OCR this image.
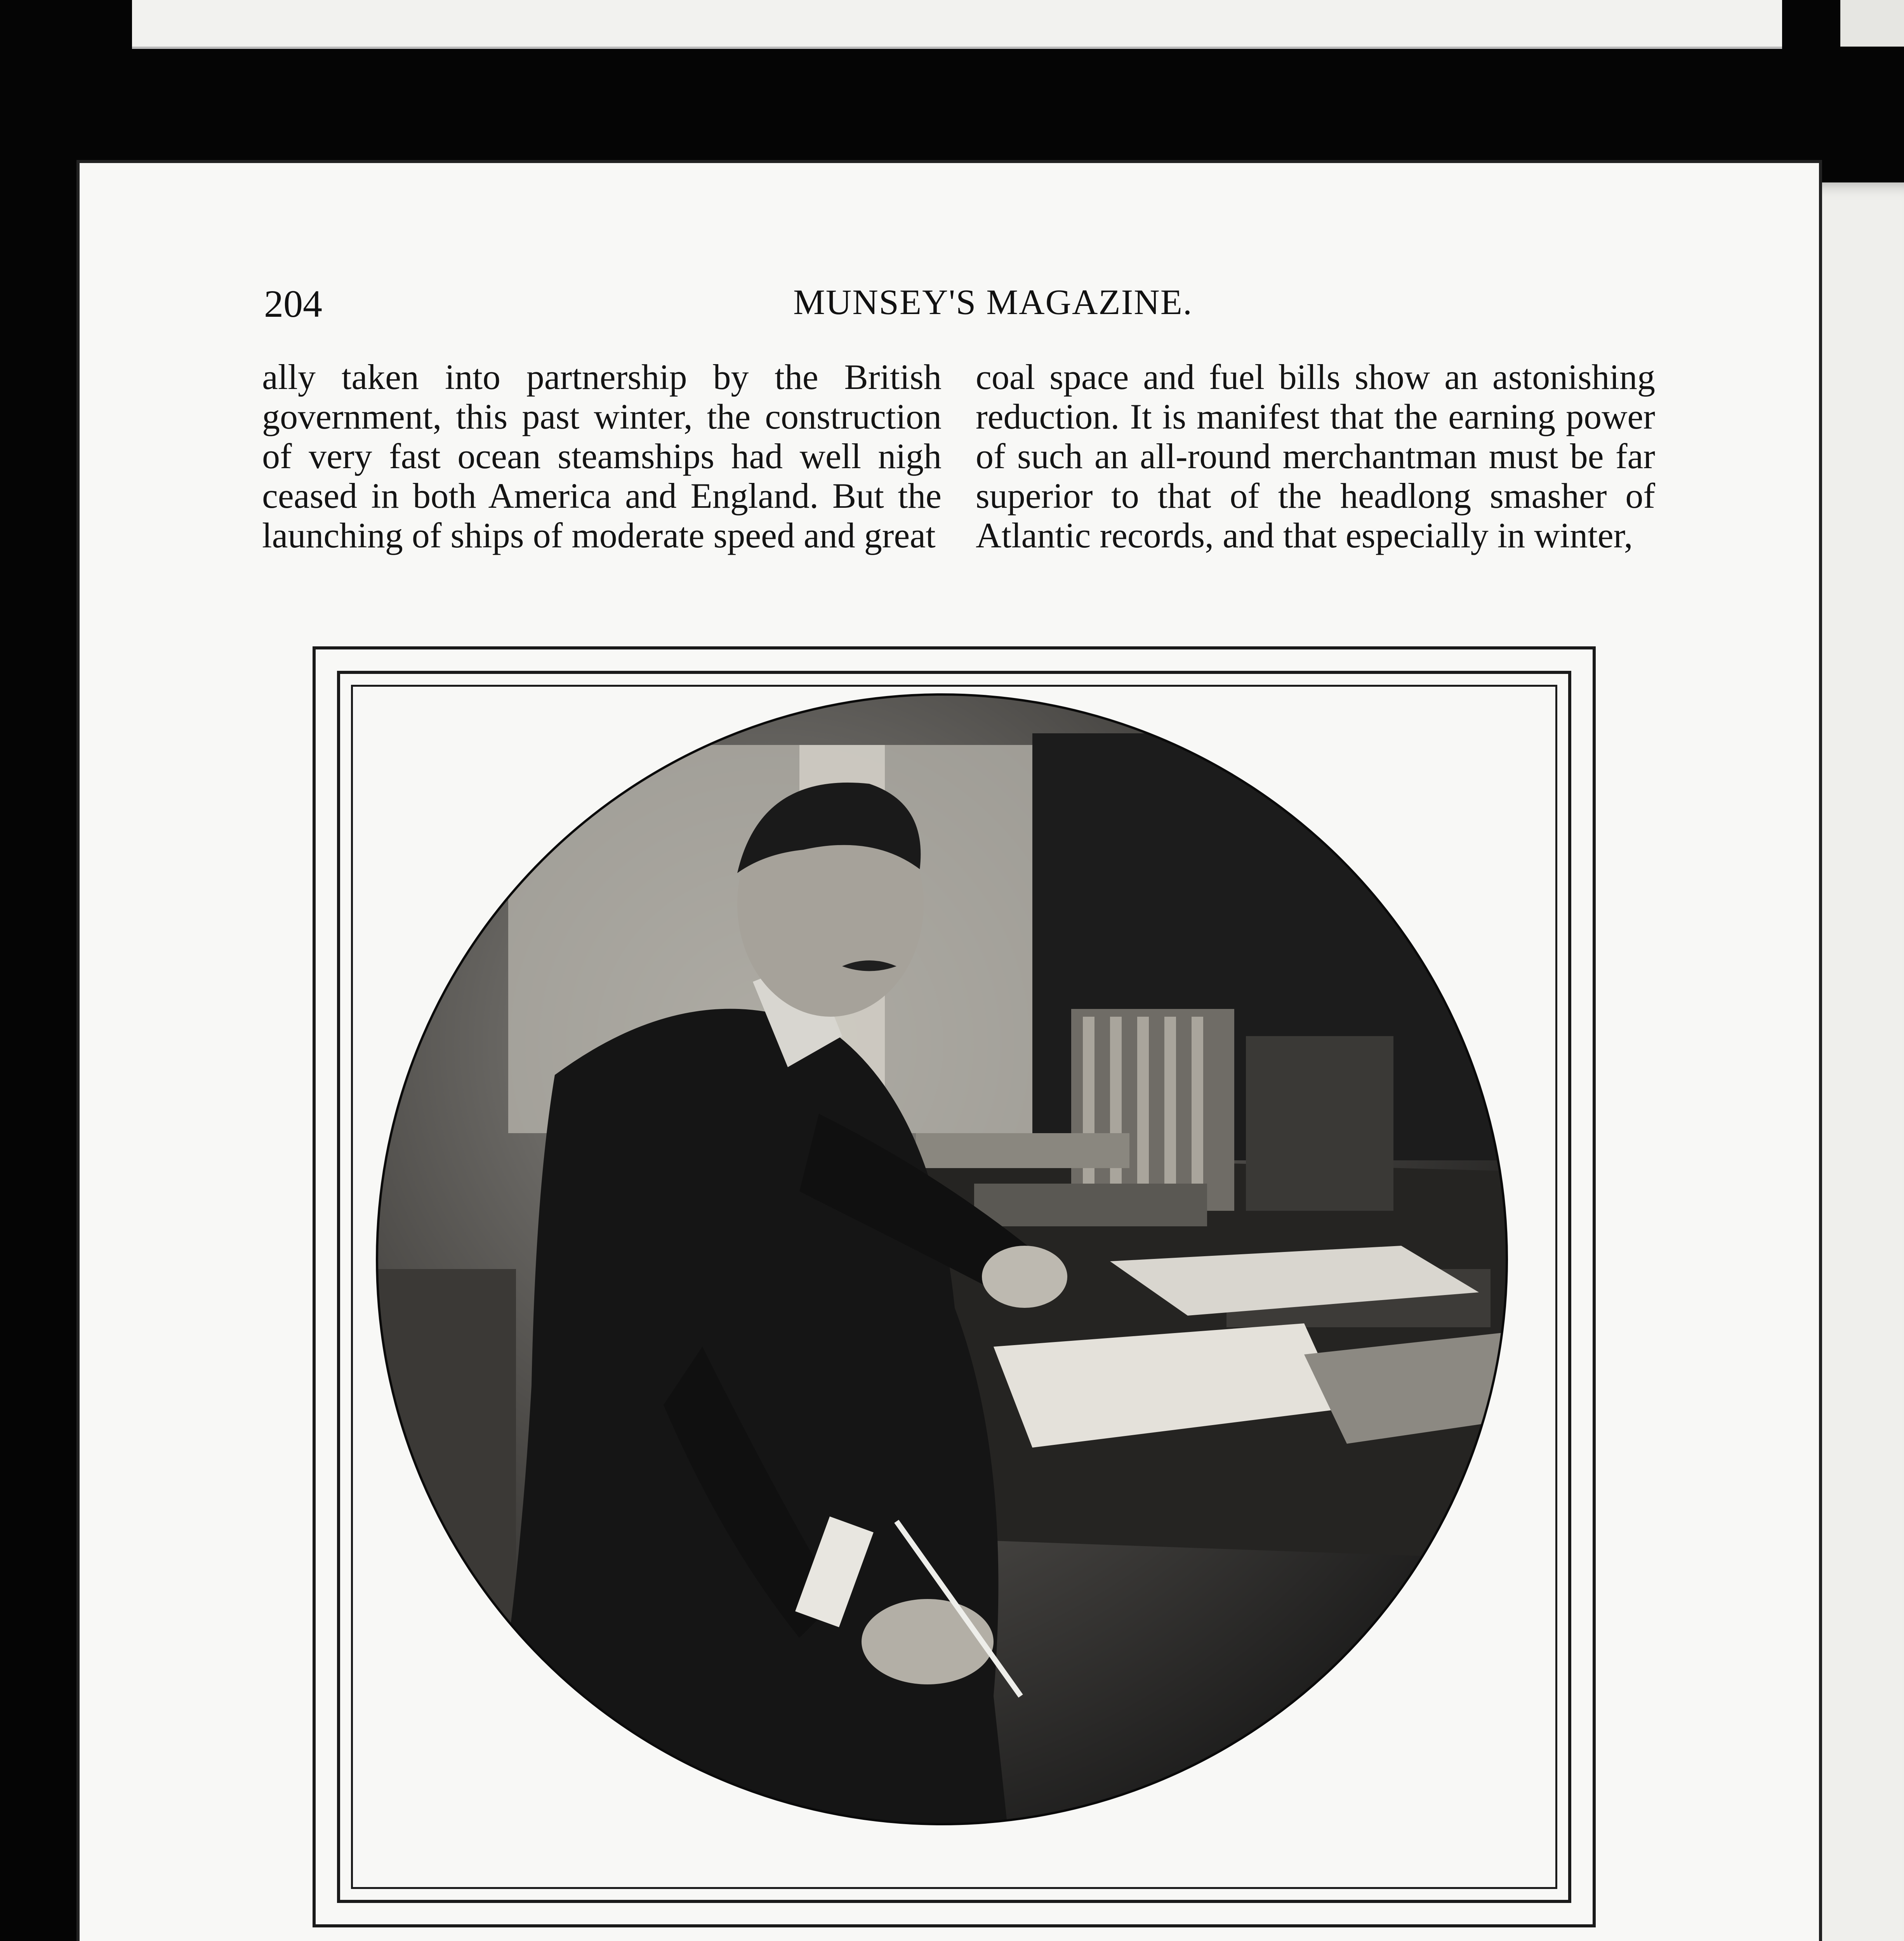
204	MUNSEY'S MAGAZINE.

ally taken into partnership by the British government, this past winter, the construction of very fast ocean steamships had well nigh ceased in both America and England. But the launching of ships of moderate speed and great

coal space and fuel bills show an astonishing reduction. It is manifest that the earning power of such an all-round merchantman must be far superior to that of the headlong smasher of Atlantic records, and that especially in winter,
